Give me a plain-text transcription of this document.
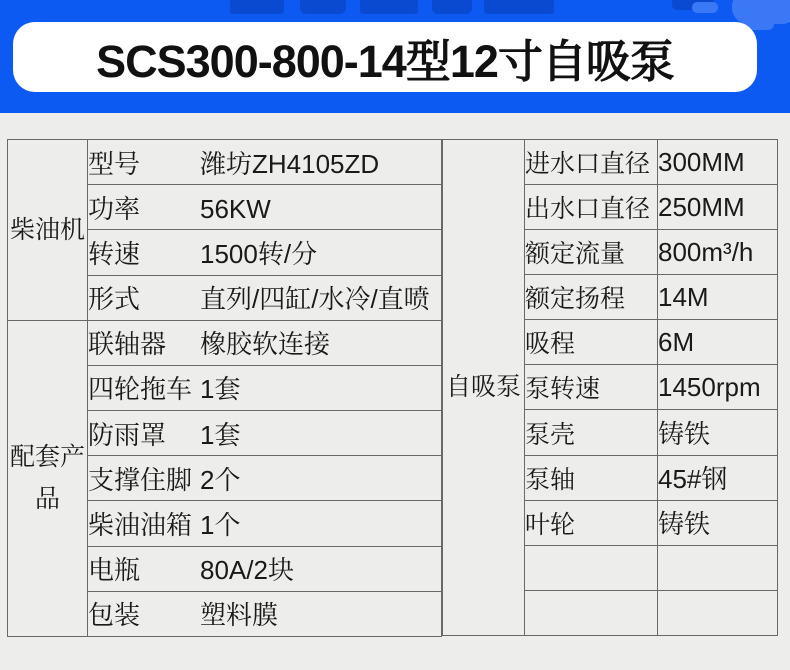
SCS300-800-14型12寸自吸泵
柴油机	型号 潍坊ZH4105ZD
	功率 56KW
	转速 1500转/分
	形式 直列/四缸/水冷/直喷
配套产品	联轴器 橡胶软连接
	四轮拖车 1套
	防雨罩 1套
	支撑住脚 2个
	柴油油箱 1个
	电瓶 80A/2块
	包装 塑料膜
自吸泵	进水口直径	300MM
	出水口直径	250MM
	额定流量	800m³/h
	额定扬程	14M
	吸程	6M
	泵转速	1450rpm
	泵壳	铸铁
	泵轴	45#钢
	叶轮	铸铁
